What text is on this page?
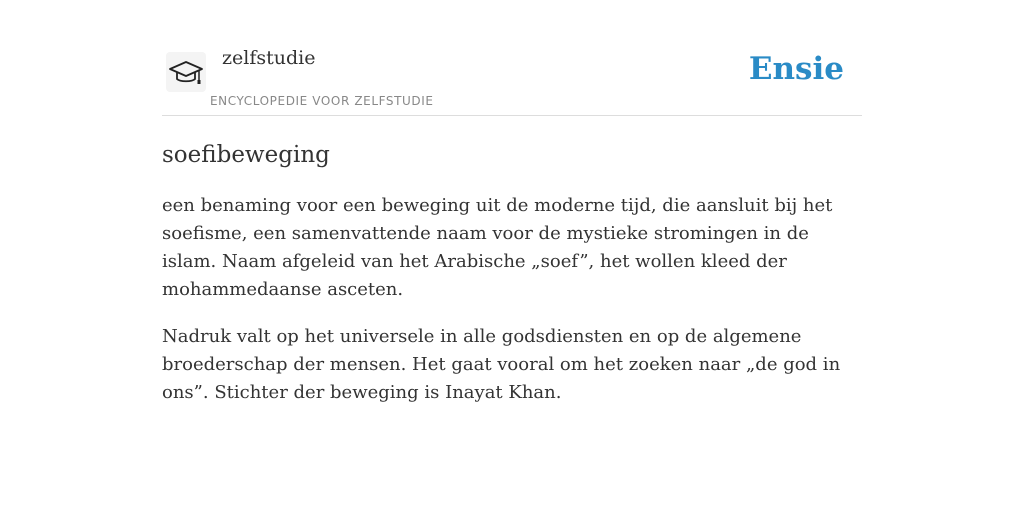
zelfstudie
ENCYCLOPEDIE VOOR ZELFSTUDIE
Ensie
soefibeweging

een benaming voor een beweging uit de moderne tijd, die aansluit bij het soefisme, een samenvattende naam voor de mystieke stromingen in de islam. Naam afgeleid van het Arabische „soef”, het wollen kleed der mohammedaanse asceten.

Nadruk valt op het universele in alle godsdiensten en op de algemene broederschap der mensen. Het gaat vooral om het zoeken naar „de god in ons”. Stichter der beweging is Inayat Khan.
